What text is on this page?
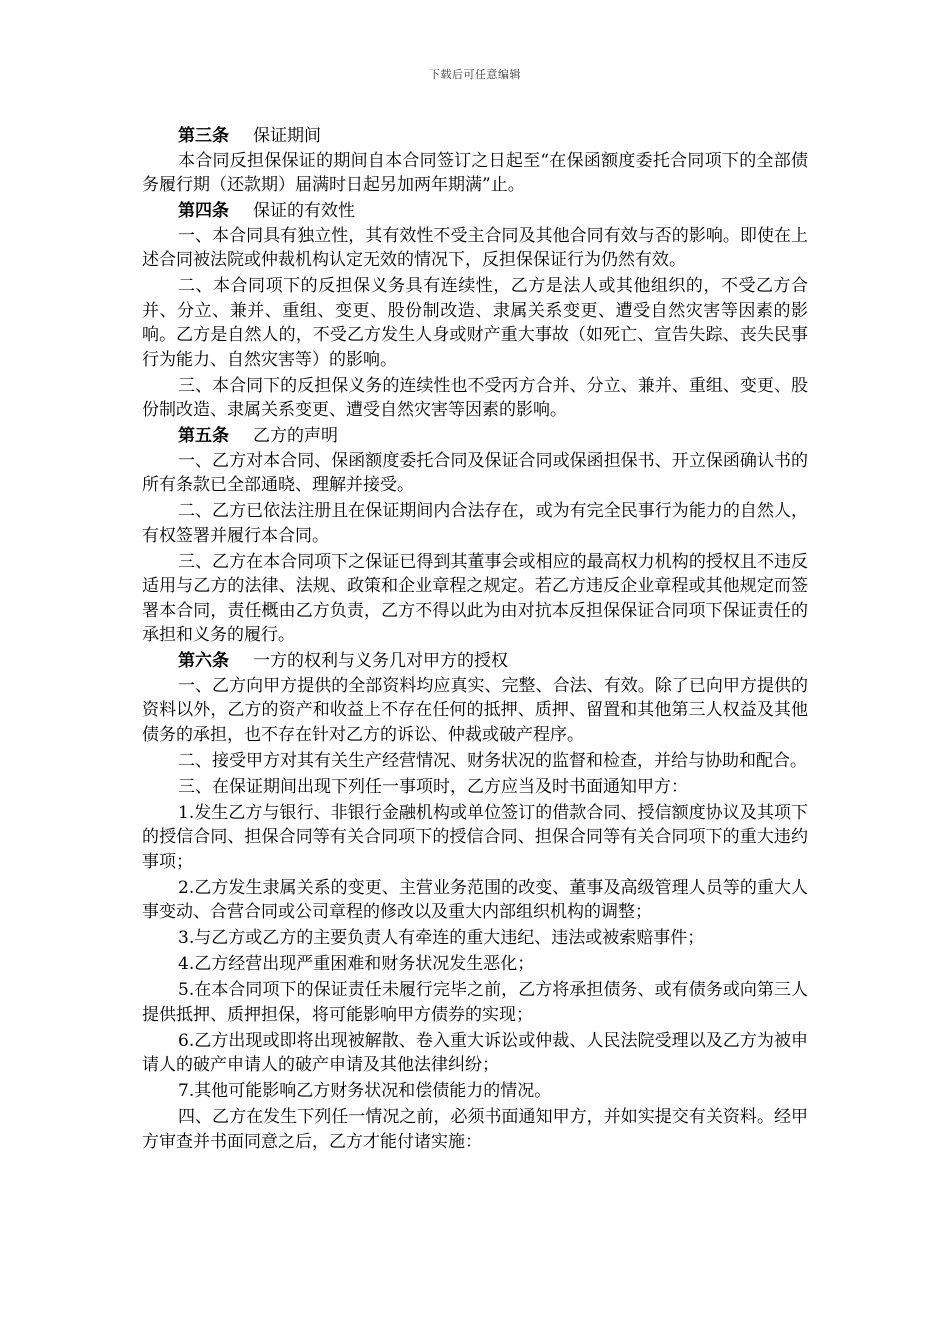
下载后可任意编辑
第三条 保证期间
本合同反担保保证的期间自本合同签订之日起至“在保函额度委托合同项下的全部债务履行期（还款期）届满时日起另加两年期满”止。
第四条 保证的有效性
一、本合同具有独立性，其有效性不受主合同及其他合同有效与否的影响。即使在上述合同被法院或仲裁机构认定无效的情况下，反担保保证行为仍然有效。
二、本合同项下的反担保义务具有连续性，乙方是法人或其他组织的，不受乙方合并、分立、兼并、重组、变更、股份制改造、隶属关系变更、遭受自然灾害等因素的影响。乙方是自然人的，不受乙方发生人身或财产重大事故（如死亡、宣告失踪、丧失民事行为能力、自然灾害等）的影响。
三、本合同下的反担保义务的连续性也不受丙方合并、分立、兼并、重组、变更、股份制改造、隶属关系变更、遭受自然灾害等因素的影响。
第五条 乙方的声明
一、乙方对本合同、保函额度委托合同及保证合同或保函担保书、开立保函确认书的所有条款已全部通晓、理解并接受。
二、乙方已依法注册且在保证期间内合法存在，或为有完全民事行为能力的自然人，有权签署并履行本合同。
三、乙方在本合同项下之保证已得到其董事会或相应的最高权力机构的授权且不违反适用与乙方的法律、法规、政策和企业章程之规定。若乙方违反企业章程或其他规定而签署本合同，责任概由乙方负责，乙方不得以此为由对抗本反担保保证合同项下保证责任的承担和义务的履行。
第六条 一方的权利与义务几对甲方的授权
一、乙方向甲方提供的全部资料均应真实、完整、合法、有效。除了已向甲方提供的资料以外，乙方的资产和收益上不存在任何的抵押、质押、留置和其他第三人权益及其他债务的承担，也不存在针对乙方的诉讼、仲裁或破产程序。
二、接受甲方对其有关生产经营情况、财务状况的监督和检查，并给与协助和配合。
三、在保证期间出现下列任一事项时，乙方应当及时书面通知甲方：
1.发生乙方与银行、非银行金融机构或单位签订的借款合同、授信额度协议及其项下的授信合同、担保合同等有关合同项下的授信合同、担保合同等有关合同项下的重大违约事项；
2.乙方发生隶属关系的变更、主营业务范围的改变、董事及高级管理人员等的重大人事变动、合营合同或公司章程的修改以及重大内部组织机构的调整；
3.与乙方或乙方的主要负责人有牵连的重大违纪、违法或被索赔事件；
4.乙方经营出现严重困难和财务状况发生恶化；
5.在本合同项下的保证责任未履行完毕之前，乙方将承担债务、或有债务或向第三人提供抵押、质押担保，将可能影响甲方债券的实现；
6.乙方出现或即将出现被解散、卷入重大诉讼或仲裁、人民法院受理以及乙方为被申请人的破产申请人的破产申请及其他法律纠纷；
7.其他可能影响乙方财务状况和偿债能力的情况。
四、乙方在发生下列任一情况之前，必须书面通知甲方，并如实提交有关资料。经甲方审查并书面同意之后，乙方才能付诸实施：
